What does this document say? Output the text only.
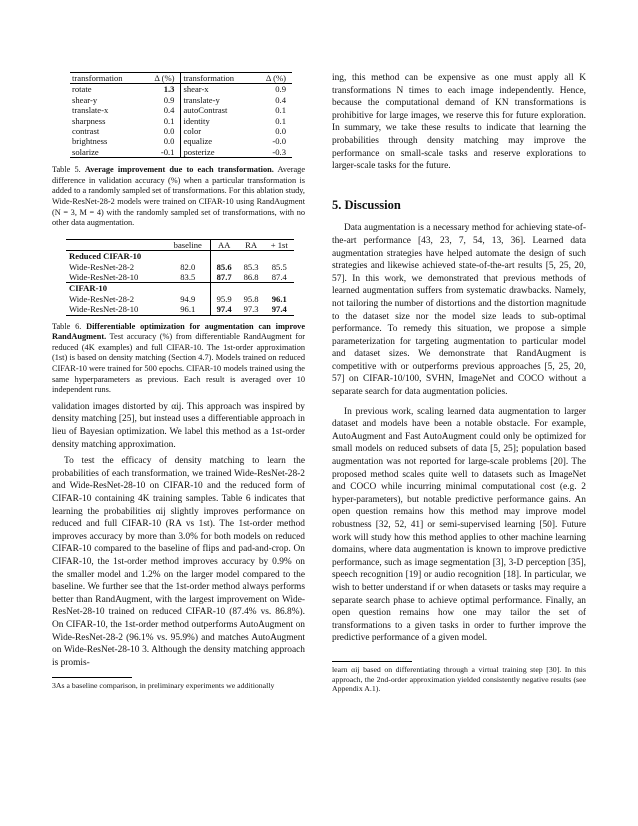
transformation	Δ (%)	transformation	Δ (%)
rotate	1.3	shear-x	0.9
shear-y	0.9	translate-y	0.4
translate-x	0.4	autoContrast	0.1
sharpness	0.1	identity	0.1
contrast	0.0	color	0.0
brightness	0.0	equalize	-0.0
solarize	-0.1	posterize	-0.3

Table 5. Average improvement due to each transformation. Average difference in validation accuracy (%) when a particular transformation is added to a randomly sampled set of transformations. For this ablation study, Wide-ResNet-28-2 models were trained on CIFAR-10 using RandAugment (N = 3, M = 4) with the randomly sampled set of transformations, with no other data augmentation.

	baseline	AA	RA	+ 1st
Reduced CIFAR-10				
Wide-ResNet-28-2	82.0	85.6	85.3	85.5
Wide-ResNet-28-10	83.5	87.7	86.8	87.4
CIFAR-10				
Wide-ResNet-28-2	94.9	95.9	95.8	96.1
Wide-ResNet-28-10	96.1	97.4	97.3	97.4

Table 6. Differentiable optimization for augmentation can improve RandAugment. Test accuracy (%) from differentiable RandAugment for reduced (4K examples) and full CIFAR-10. The 1st-order approximation (1st) is based on density matching (Section 4.7). Models trained on reduced CIFAR-10 were trained for 500 epochs. CIFAR-10 models trained using the same hyperparameters as previous. Each result is averaged over 10 independent runs.

validation images distorted by αij. This approach was inspired by density matching [25], but instead uses a differentiable approach in lieu of Bayesian optimization. We label this method as a 1st-order density matching approximation.

To test the efficacy of density matching to learn the probabilities of each transformation, we trained Wide-ResNet-28-2 and Wide-ResNet-28-10 on CIFAR-10 and the reduced form of CIFAR-10 containing 4K training samples. Table 6 indicates that learning the probabilities αij slightly improves performance on reduced and full CIFAR-10 (RA vs 1st). The 1st-order method improves accuracy by more than 3.0% for both models on reduced CIFAR-10 compared to the baseline of flips and pad-and-crop. On CIFAR-10, the 1st-order method improves accuracy by 0.9% on the smaller model and 1.2% on the larger model compared to the baseline. We further see that the 1st-order method always performs better than RandAugment, with the largest improvement on Wide-ResNet-28-10 trained on reduced CIFAR-10 (87.4% vs. 86.8%). On CIFAR-10, the 1st-order method outperforms AutoAugment on Wide-ResNet-28-2 (96.1% vs. 95.9%) and matches AutoAugment on Wide-ResNet-28-10 3. Although the density matching approach is promis-

3As a baseline comparison, in preliminary experiments we additionally

ing, this method can be expensive as one must apply all K transformations N times to each image independently. Hence, because the computational demand of KN transformations is prohibitive for large images, we reserve this for future exploration. In summary, we take these results to indicate that learning the probabilities through density matching may improve the performance on small-scale tasks and reserve explorations to larger-scale tasks for the future.

5. Discussion

Data augmentation is a necessary method for achieving state-of-the-art performance [43, 23, 7, 54, 13, 36]. Learned data augmentation strategies have helped automate the design of such strategies and likewise achieved state-of-the-art results [5, 25, 20, 57]. In this work, we demonstrated that previous methods of learned augmentation suffers from systematic drawbacks. Namely, not tailoring the number of distortions and the distortion magnitude to the dataset size nor the model size leads to sub-optimal performance. To remedy this situation, we propose a simple parameterization for targeting augmentation to particular model and dataset sizes. We demonstrate that RandAugment is competitive with or outperforms previous approaches [5, 25, 20, 57] on CIFAR-10/100, SVHN, ImageNet and COCO without a separate search for data augmentation policies.

In previous work, scaling learned data augmentation to larger dataset and models have been a notable obstacle. For example, AutoAugment and Fast AutoAugment could only be optimized for small models on reduced subsets of data [5, 25]; population based augmentation was not reported for large-scale problems [20]. The proposed method scales quite well to datasets such as ImageNet and COCO while incurring minimal computational cost (e.g. 2 hyper-parameters), but notable predictive performance gains. An open question remains how this method may improve model robustness [32, 52, 41] or semi-supervised learning [50]. Future work will study how this method applies to other machine learning domains, where data augmentation is known to improve predictive performance, such as image segmentation [3], 3-D perception [35], speech recognition [19] or audio recognition [18]. In particular, we wish to better understand if or when datasets or tasks may require a separate search phase to achieve optimal performance. Finally, an open question remains how one may tailor the set of transformations to a given tasks in order to further improve the predictive performance of a given model.

learn αij based on differentiating through a virtual training step [30]. In this approach, the 2nd-order approximation yielded consistently negative results (see Appendix A.1).
